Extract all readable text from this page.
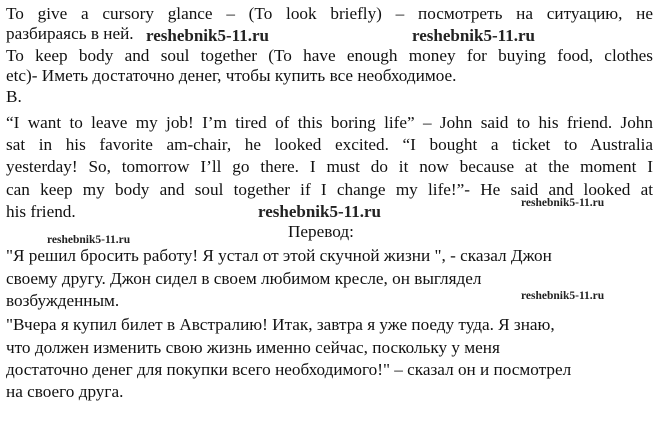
To give a cursory glance – (To look briefly) – посмотреть на ситуацию, не
разбираясь в ней.
To keep body and soul together (To have enough money for buying food, clothes
etc)- Иметь достаточно денег, чтобы купить все необходимое.
B.
“I want to leave my job! I’m tired of this boring life” – John said to his friend. John
sat in his favorite am-chair, he looked excited. “I bought a ticket to Australia
yesterday! So, tomorrow I’ll go there. I must do it now because at the moment I
can keep my body and soul together if I change my life!”- He said and looked at
his friend.
Перевод:
"Я решил бросить работу! Я устал от этой скучной жизни ", - сказал Джон
своему другу. Джон сидел в своем любимом кресле, он выглядел
возбужденным.
"Вчера я купил билет в Австралию! Итак, завтра я уже поеду туда. Я знаю,
что должен изменить свою жизнь именно сейчас, поскольку у меня
достаточно денег для покупки всего необходимого!" – сказал он и посмотрел
на своего друга.
reshebnik5-11.ru	reshebnik5-11.ru
reshebnik5-11.ru	reshebnik5-11.ru
reshebnik5-11.ru
reshebnik5-11.ru
